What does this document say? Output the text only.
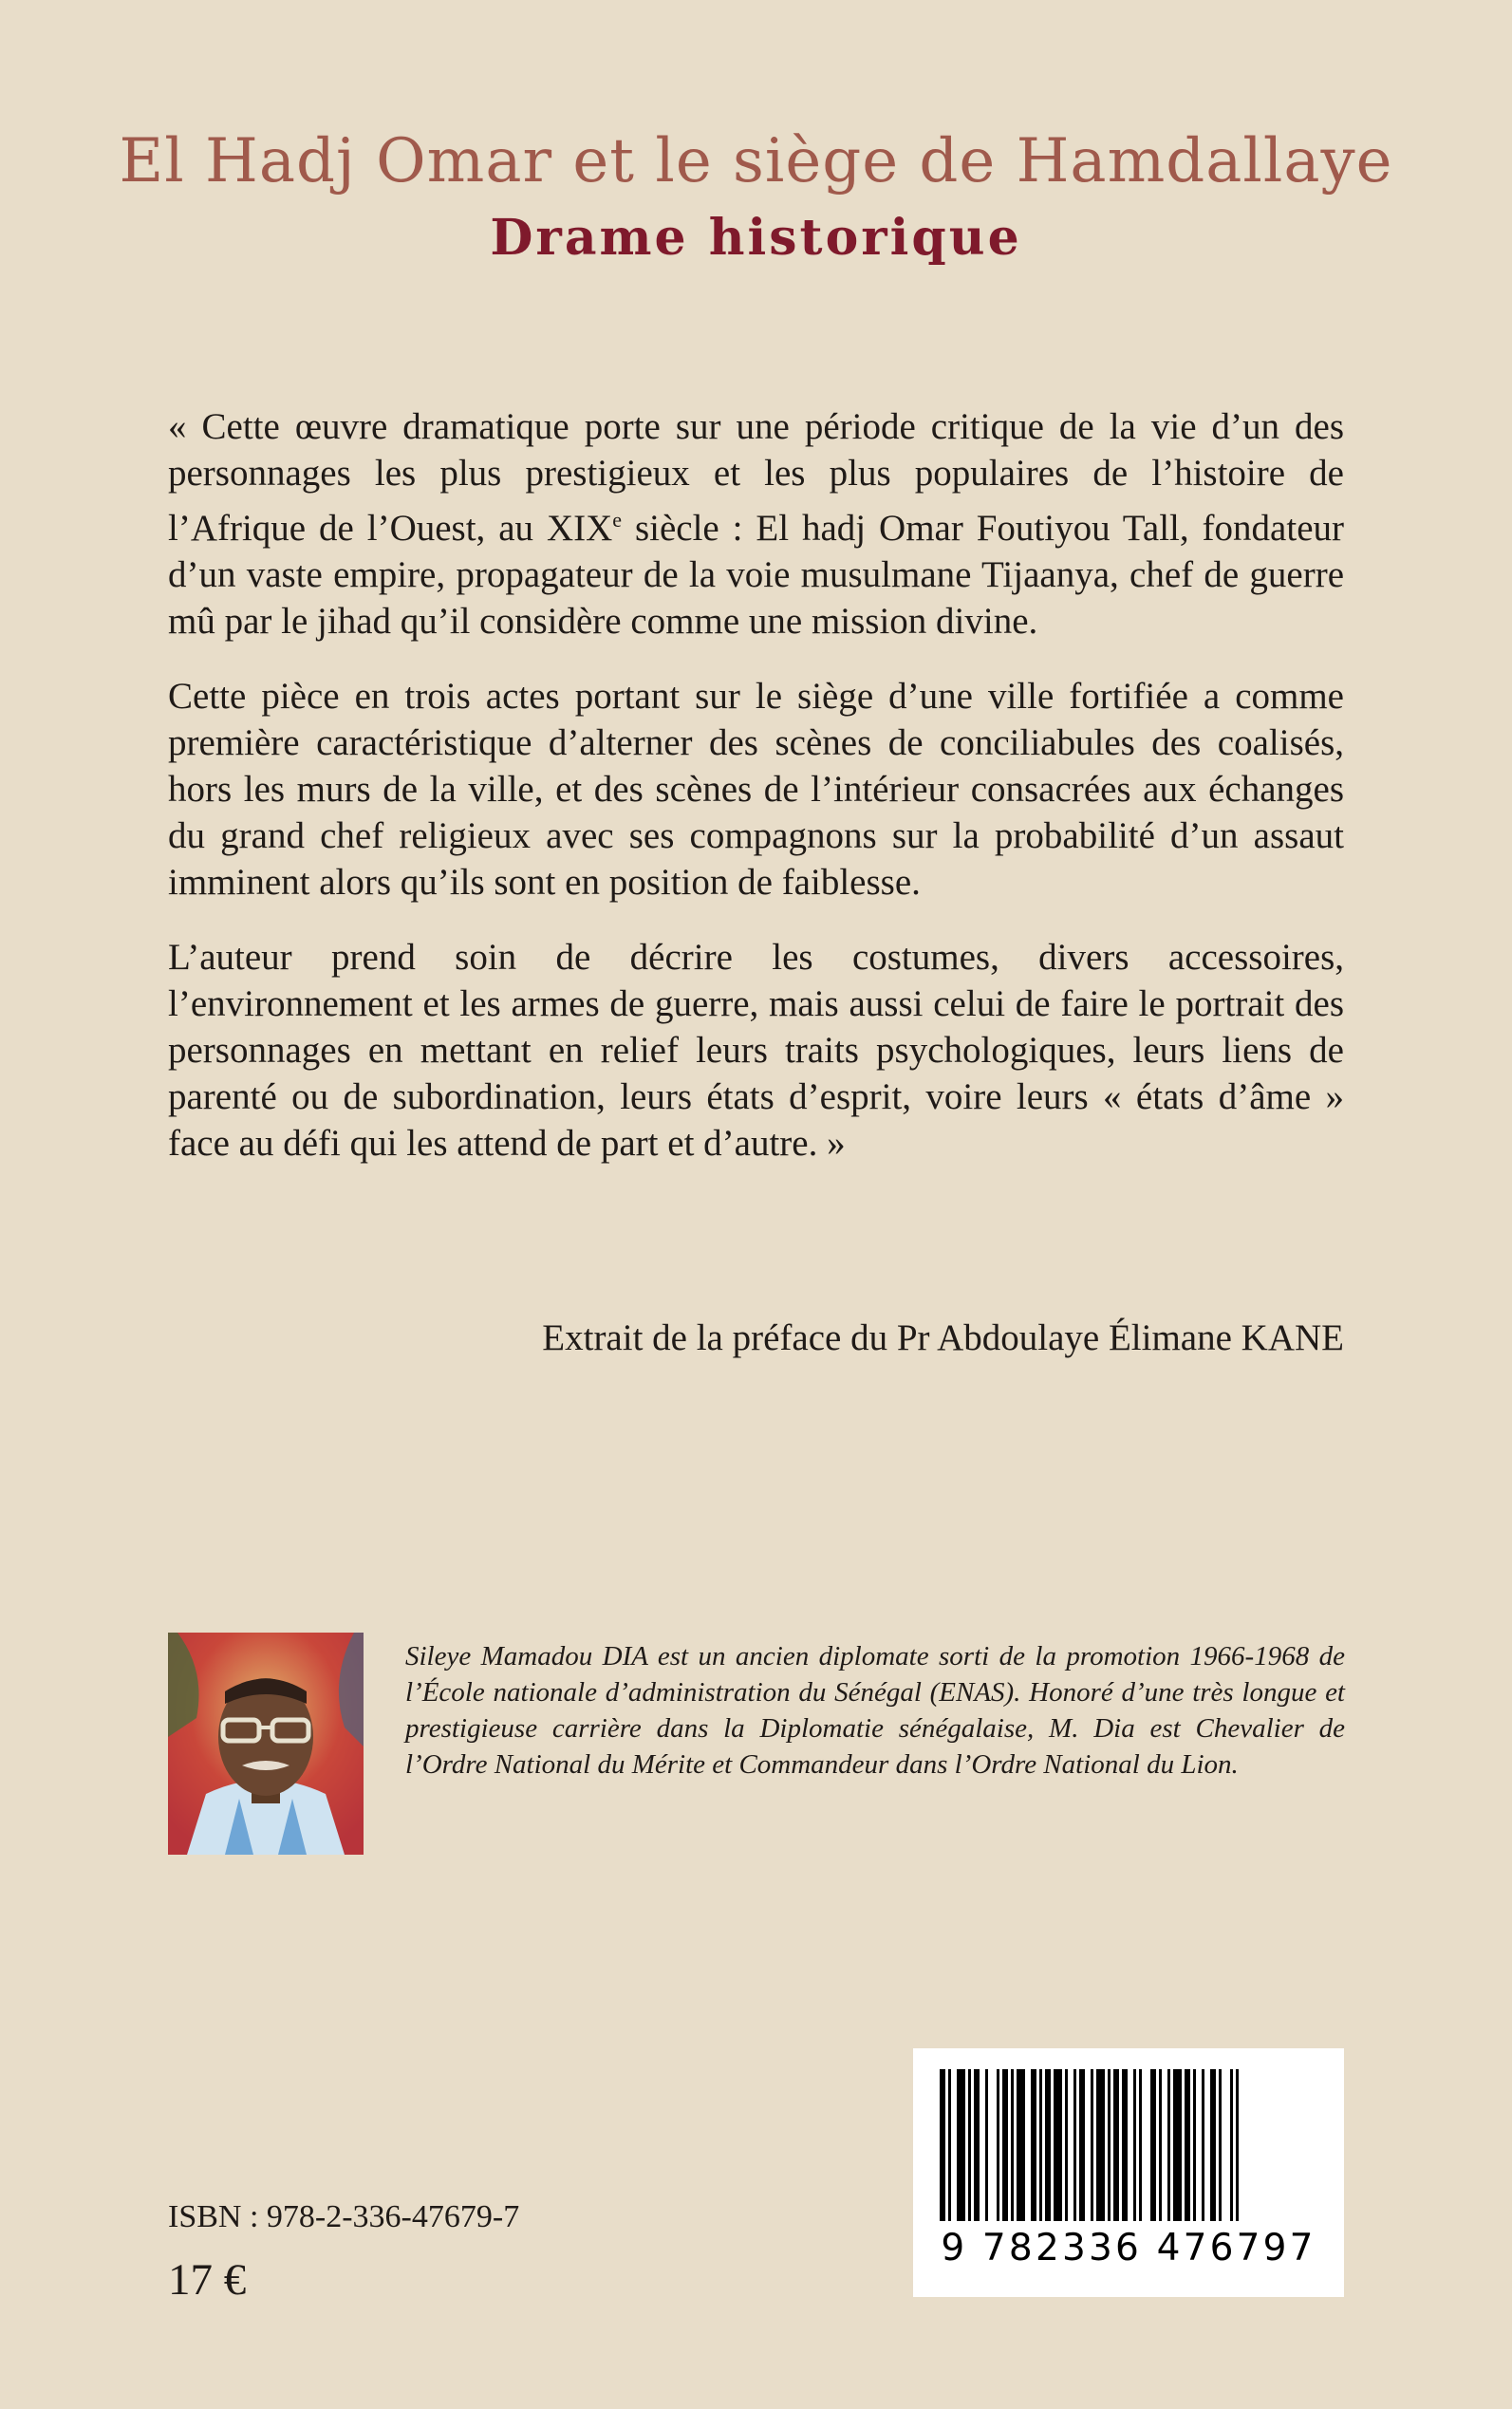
El Hadj Omar et le siège de Hamdallaye
Drame historique

« Cette œuvre dramatique porte sur une période critique de la vie d’un des personnages les plus prestigieux et les plus populaires de l’histoire de l’Afrique de l’Ouest, au XIXe siècle : El hadj Omar Foutiyou Tall, fondateur d’un vaste empire, propagateur de la voie musulmane Tijaanya, chef de guerre mû par le jihad qu’il considère comme une mission divine.

Cette pièce en trois actes portant sur le siège d’une ville fortifiée a comme première caractéristique d’alterner des scènes de conciliabules des coalisés, hors les murs de la ville, et des scènes de l’intérieur consacrées aux échanges du grand chef religieux avec ses compagnons sur la probabilité d’un assaut imminent alors qu’ils sont en position de faiblesse.

L’auteur prend soin de décrire les costumes, divers accessoires, l’environnement et les armes de guerre, mais aussi celui de faire le portrait des personnages en mettant en relief leurs traits psychologiques, leurs liens de parenté ou de subordination, leurs états d’esprit, voire leurs « états d’âme » face au défi qui les attend de part et d’autre. »

Extrait de la préface du Pr Abdoulaye Élimane KANE

Sileye Mamadou DIA est un ancien diplomate sorti de la promotion 1966-1968 de l’École nationale d’administration du Sénégal (ENAS). Honoré d’une très longue et prestigieuse carrière dans la Diplomatie sénégalaise, M. Dia est Chevalier de l’Ordre National du Mérite et Commandeur dans l’Ordre National du Lion.

9 782336 476797
ISBN : 978-2-336-47679-7
17 €
